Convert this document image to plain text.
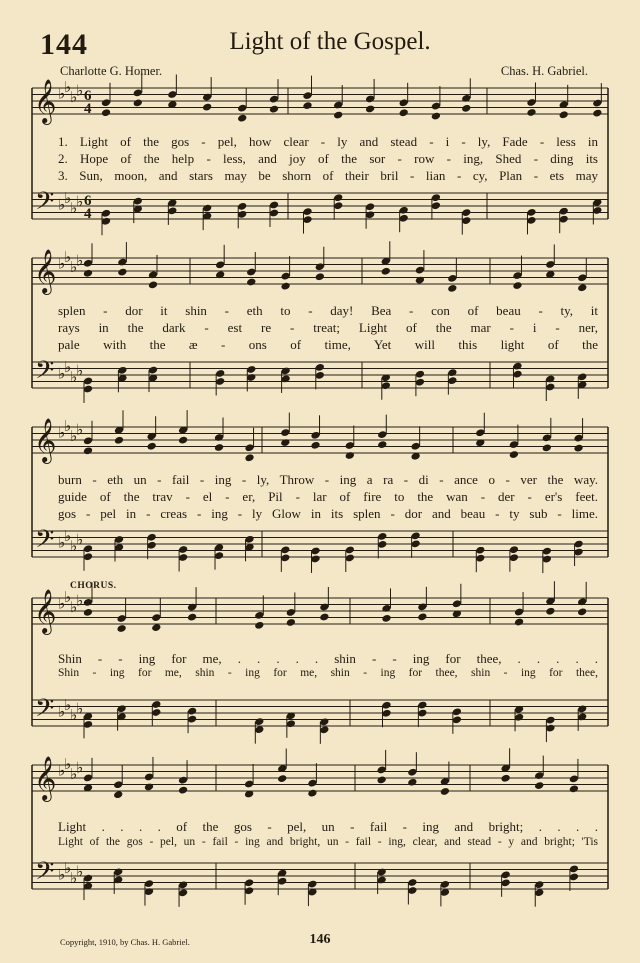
144	Light of the Gospel.
Charlotte G. Homer.	Chas. H. Gabriel.
𝄞
𝄢
♭
♭
♭
♭
♭
♭
♭
♭
𝄞
𝄢
♭
♭
♭
♭
♭
♭
♭
♭
𝄞
𝄢
♭
♭
♭
♭
♭
♭
♭
♭
𝄞
𝄢
♭
♭
♭
♭
♭
♭
♭
♭
𝄞
𝄢
♭
♭
♭
♭
♭
♭
♭
♭
6
6
4
4
1. Light of the gos - pel, how clear - ly and stead - i - ly, Fade - less in
2. Hope of the help - less, and joy of the sor - row - ing, Shed - ding its
3. Sun, moon, and stars may be shorn of their bril - lian - cy, Plan - ets may
splen - dor it shin - eth to - day! Bea - con of beau - ty, it
rays in the dark - est re - treat; Light of the mar - i - ner,
pale with the æ - ons of time, Yet will this light of the
burn - eth un - fail - ing - ly, Throw - ing a ra - di - ance o - ver the way.
guide of the trav - el - er, Pil - lar of fire to the wan - der - er's feet.
gos - pel in - creas - ing - ly Glow in its splen - dor and beau - ty sub - lime.
CHORUS.
Shin - - ing for me, . . . . . shin - - ing for thee, . . . . .
Shin - ing for me, shin - ing for me, shin - ing for thee, shin - ing for thee,
Light . . . . of the gos - pel, un - fail - ing and bright; . . . .
Light of the gos - pel, un - fail - ing and bright, un - fail - ing, clear, and stead - y and bright; 'Tis
Copyright, 1910, by Chas. H. Gabriel.	146
